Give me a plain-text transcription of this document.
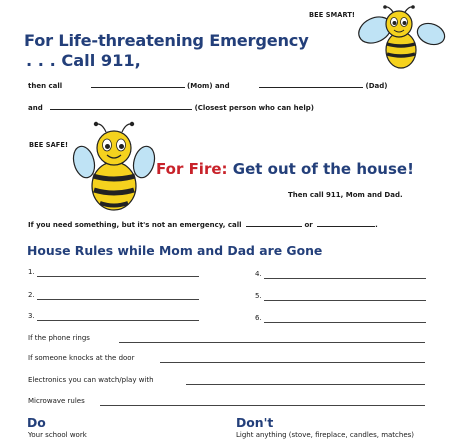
BEE SMART!
For Life-threatening Emergency
. . . Call 911,
then call	(Mom) and	(Dad)
and	(Closest person who can help)
BEE SAFE!
For Fire: Get out of the house!
Then call 911, Mom and Dad.
If you need something, but it's not an emergency, call	or	.
House Rules while Mom and Dad are Gone
1.
2.
3.
4.
5.
6.
If the phone rings
If someone knocks at the door
Electronics you can watch/play with
Microwave rules
Do
Your school work
Don't
Light anything (stove, fireplace, candles, matches)
